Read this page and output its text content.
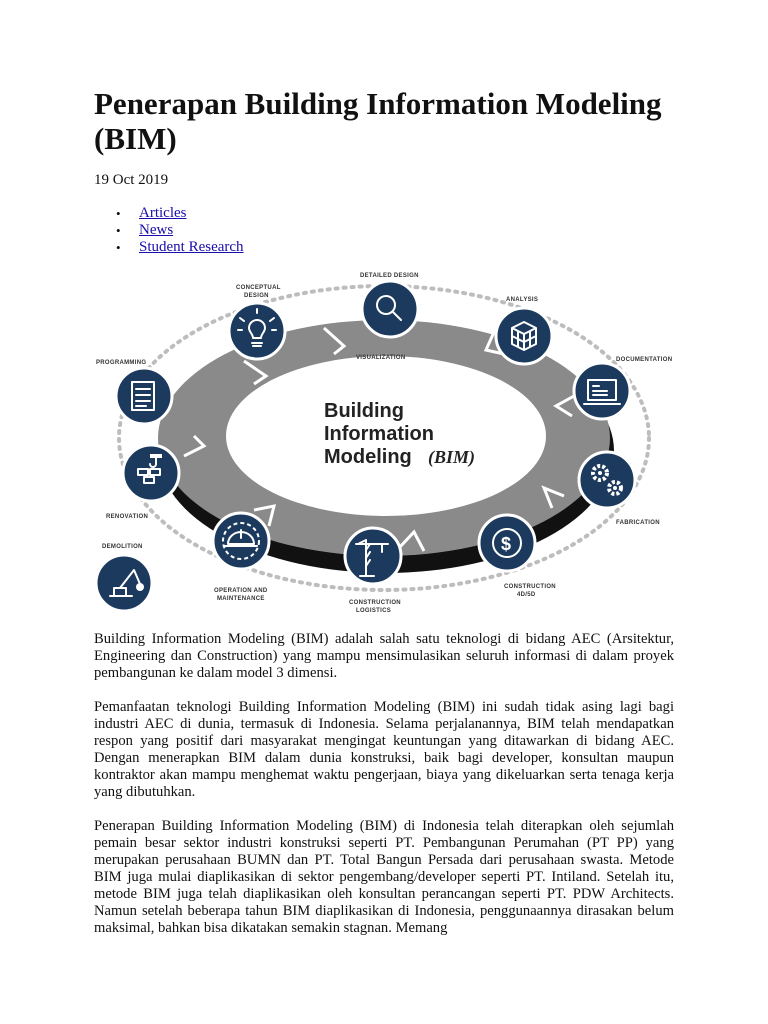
Penerapan Building Information Modeling (BIM)
19 Oct 2019
• Articles
• News
• Student Research
VISUALIZATION
Building
Information
Modeling (BIM)
CONCEPTUAL
DESIGN
DETAILED DESIGN
ANALYSIS
DOCUMENTATION
FABRICATION
$
CONSTRUCTION
4D/5D
CONSTRUCTION
LOGISTICS
OPERATION AND
MAINTENANCE
DEMOLITION
RENOVATION
PROGRAMMING

Building Information Modeling (BIM) adalah salah satu teknologi di bidang AEC (Arsitektur, Engineering dan Construction) yang mampu mensimulasikan seluruh informasi di dalam proyek pembangunan ke dalam model 3 dimensi.

Pemanfaatan teknologi Building Information Modeling (BIM) ini sudah tidak asing lagi bagi industri AEC di dunia, termasuk di Indonesia. Selama perjalanannya, BIM telah mendapatkan respon yang positif dari masyarakat mengingat keuntungan yang ditawarkan di bidang AEC. Dengan menerapkan BIM dalam dunia konstruksi, baik bagi developer, konsultan maupun kontraktor akan mampu menghemat waktu pengerjaan, biaya yang dikeluarkan serta tenaga kerja yang dibutuhkan.

Penerapan Building Information Modeling (BIM) di Indonesia telah diterapkan oleh sejumlah pemain besar sektor industri konstruksi seperti PT. Pembangunan Perumahan (PT PP) yang merupakan perusahaan BUMN dan PT. Total Bangun Persada dari perusahaan swasta. Metode BIM juga mulai diaplikasikan di sektor pengembang/developer seperti PT. Intiland. Setelah itu, metode BIM juga telah diaplikasikan oleh konsultan perancangan seperti PT. PDW Architects. Namun setelah beberapa tahun BIM diaplikasikan di Indonesia, penggunaannya dirasakan belum maksimal, bahkan bisa dikatakan semakin stagnan. Memang
